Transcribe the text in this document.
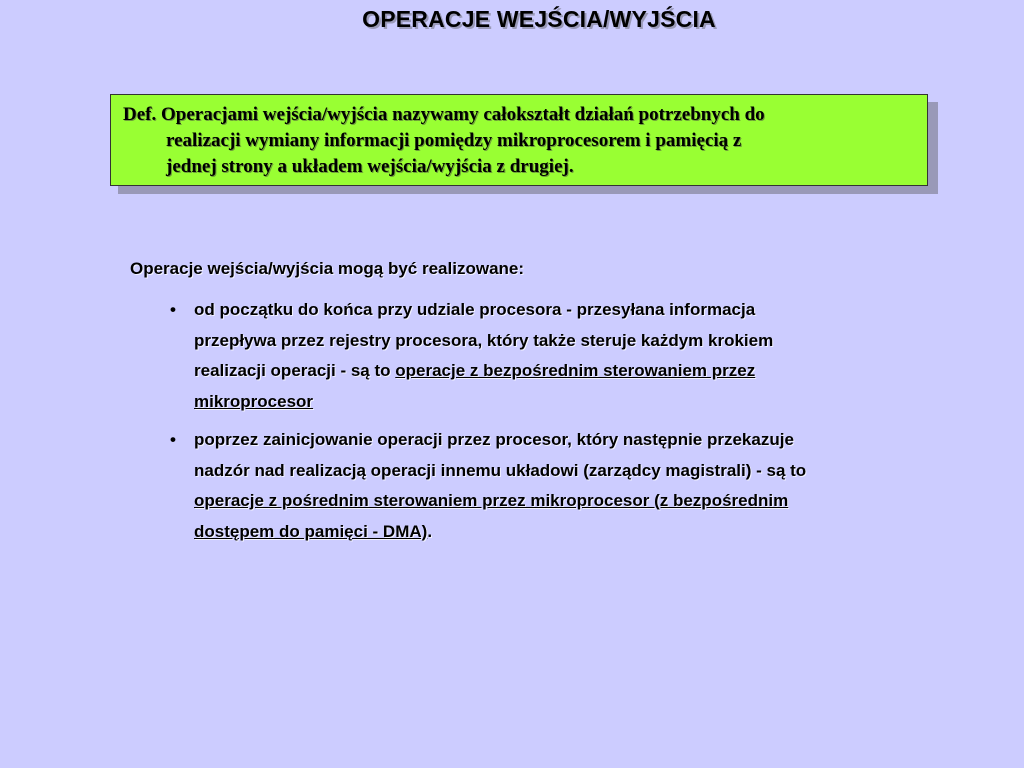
OPERACJE WEJŚCIA/WYJŚCIA
Def. Operacjami wejścia/wyjścia nazywamy całokształt działań potrzebnych do
realizacji wymiany informacji pomiędzy mikroprocesorem i pamięcią z
jednej strony a układem wejścia/wyjścia z drugiej.
Operacje wejścia/wyjścia mogą być realizowane:
• od początku do końca przy udziale procesora - przesyłana informacja
przepływa przez rejestry procesora, który także steruje każdym krokiem
realizacji operacji - są to operacje z bezpośrednim sterowaniem przez
mikroprocesor
• poprzez zainicjowanie operacji przez procesor, który następnie przekazuje
nadzór nad realizacją operacji innemu układowi (zarządcy magistrali) - są to
operacje z pośrednim sterowaniem przez mikroprocesor (z bezpośrednim
dostępem do pamięci - DMA).
